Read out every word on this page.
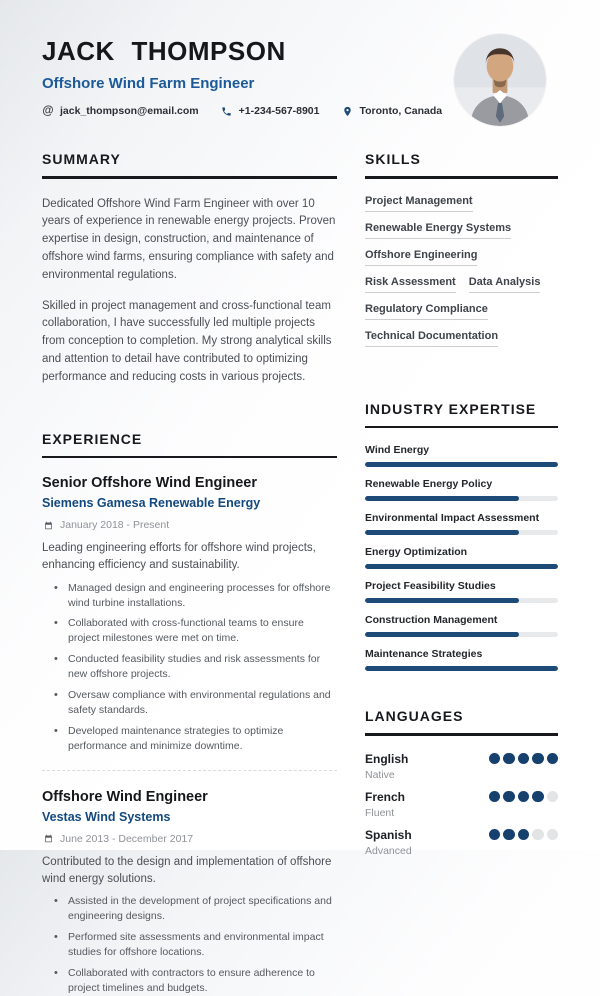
JACK THOMPSON
Offshore Wind Farm Engineer
@ jack_thompson@email.com	+1-234-567-8901	Toronto, Canada
SUMMARY

Dedicated Offshore Wind Farm Engineer with over 10 years of experience in renewable energy projects. Proven expertise in design, construction, and maintenance of offshore wind farms, ensuring compliance with safety and environmental regulations.

Skilled in project management and cross-functional team collaboration, I have successfully led multiple projects from conception to completion. My strong analytical skills and attention to detail have contributed to optimizing performance and reducing costs in various projects.

EXPERIENCE
Senior Offshore Wind Engineer
Siemens Gamesa Renewable Energy
January 2018 - Present
Leading engineering efforts for offshore wind projects, enhancing efficiency and sustainability.
• Managed design and engineering processes for offshore wind turbine installations.
• Collaborated with cross-functional teams to ensure project milestones were met on time.
• Conducted feasibility studies and risk assessments for new offshore projects.
• Oversaw compliance with environmental regulations and safety standards.
• Developed maintenance strategies to optimize performance and minimize downtime.
Offshore Wind Engineer
Vestas Wind Systems
June 2013 - December 2017
Contributed to the design and implementation of offshore wind energy solutions.
• Assisted in the development of project specifications and engineering designs.
• Performed site assessments and environmental impact studies for offshore locations.
• Collaborated with contractors to ensure adherence to project timelines and budgets.
SKILLS
Project Management
Renewable Energy Systems
Offshore Engineering
Risk Assessment Data Analysis
Regulatory Compliance
Technical Documentation
INDUSTRY EXPERTISE
Wind Energy
Renewable Energy Policy
Environmental Impact Assessment
Energy Optimization
Project Feasibility Studies
Construction Management
Maintenance Strategies
LANGUAGES
English
Native
French
Fluent
Spanish
Advanced
